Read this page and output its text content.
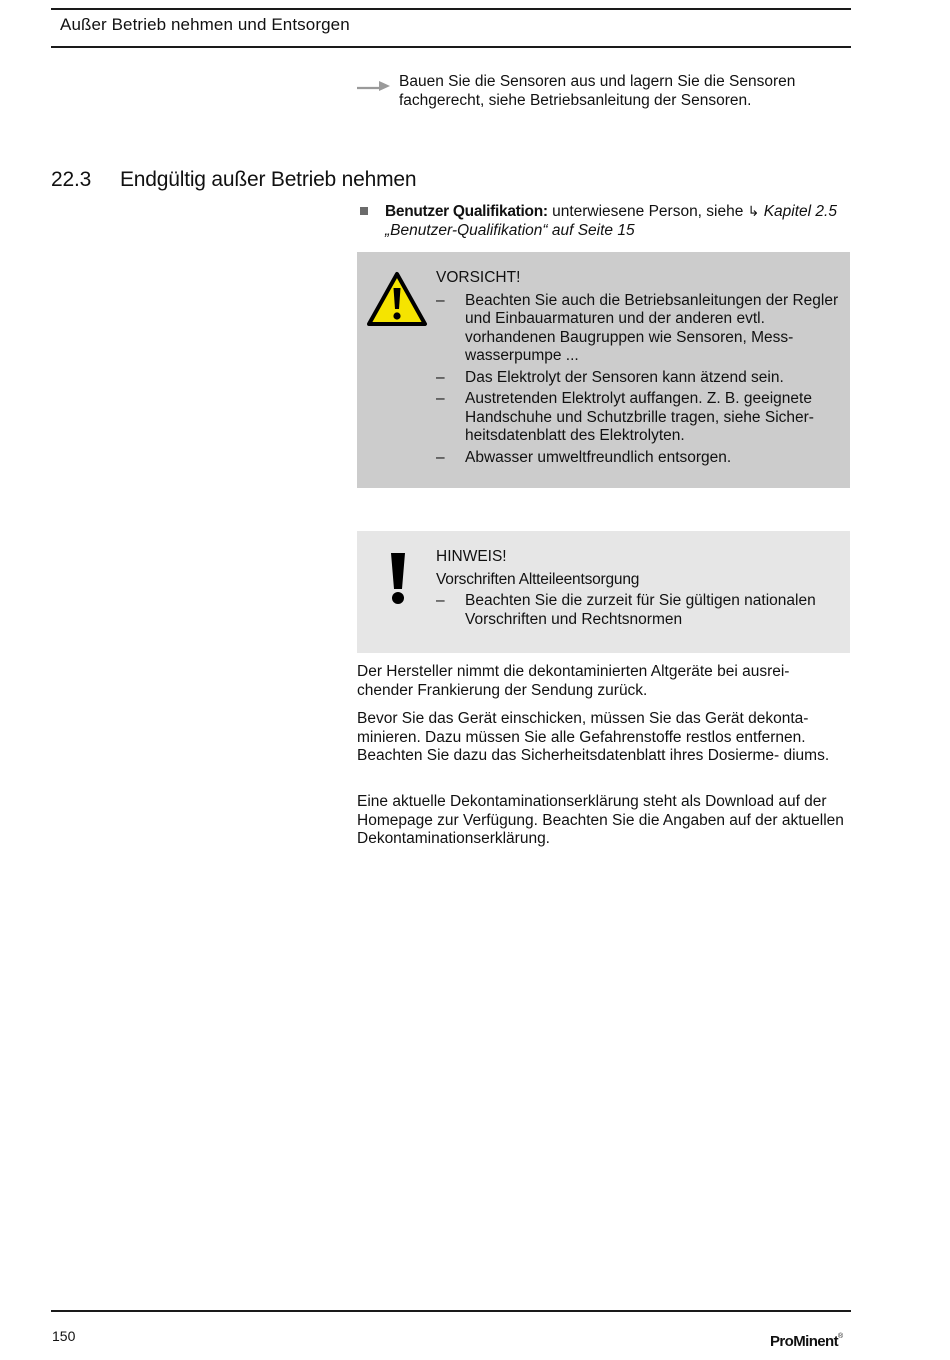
Außer Betrieb nehmen und Entsorgen
Bauen Sie die Sensoren aus und lagern Sie die Sensoren fachgerecht, siehe Betriebsanleitung der Sensoren.
22.3 Endgültig außer Betrieb nehmen
Benutzer Qualifikation: unterwiesene Person, siehe ↳ Kapitel 2.5 „Benutzer-Qualifikation“ auf Seite 15
VORSICHT!
– Beachten Sie auch die Betriebsanleitungen der Regler und Einbauarmaturen und der anderen evtl. vorhandenen Baugruppen wie Sensoren, Mess- wasserpumpe ...
– Das Elektrolyt der Sensoren kann ätzend sein.
– Austretenden Elektrolyt auffangen. Z. B. geeignete Handschuhe und Schutzbrille tragen, siehe Sicher- heitsdatenblatt des Elektrolyten.
– Abwasser umweltfreundlich entsorgen.
HINWEIS!
Vorschriften Altteileentsorgung
– Beachten Sie die zurzeit für Sie gültigen nationalen Vorschriften und Rechtsnormen
Der Hersteller nimmt die dekontaminierten Altgeräte bei ausrei- chender Frankierung der Sendung zurück.
Bevor Sie das Gerät einschicken, müssen Sie das Gerät dekonta- minieren. Dazu müssen Sie alle Gefahrenstoffe restlos entfernen. Beachten Sie dazu das Sicherheitsdatenblatt ihres Dosierme- diums.
Eine aktuelle Dekontaminationserklärung steht als Download auf der Homepage zur Verfügung. Beachten Sie die Angaben auf der aktuellen Dekontaminationserklärung.
150	ProMinent®
